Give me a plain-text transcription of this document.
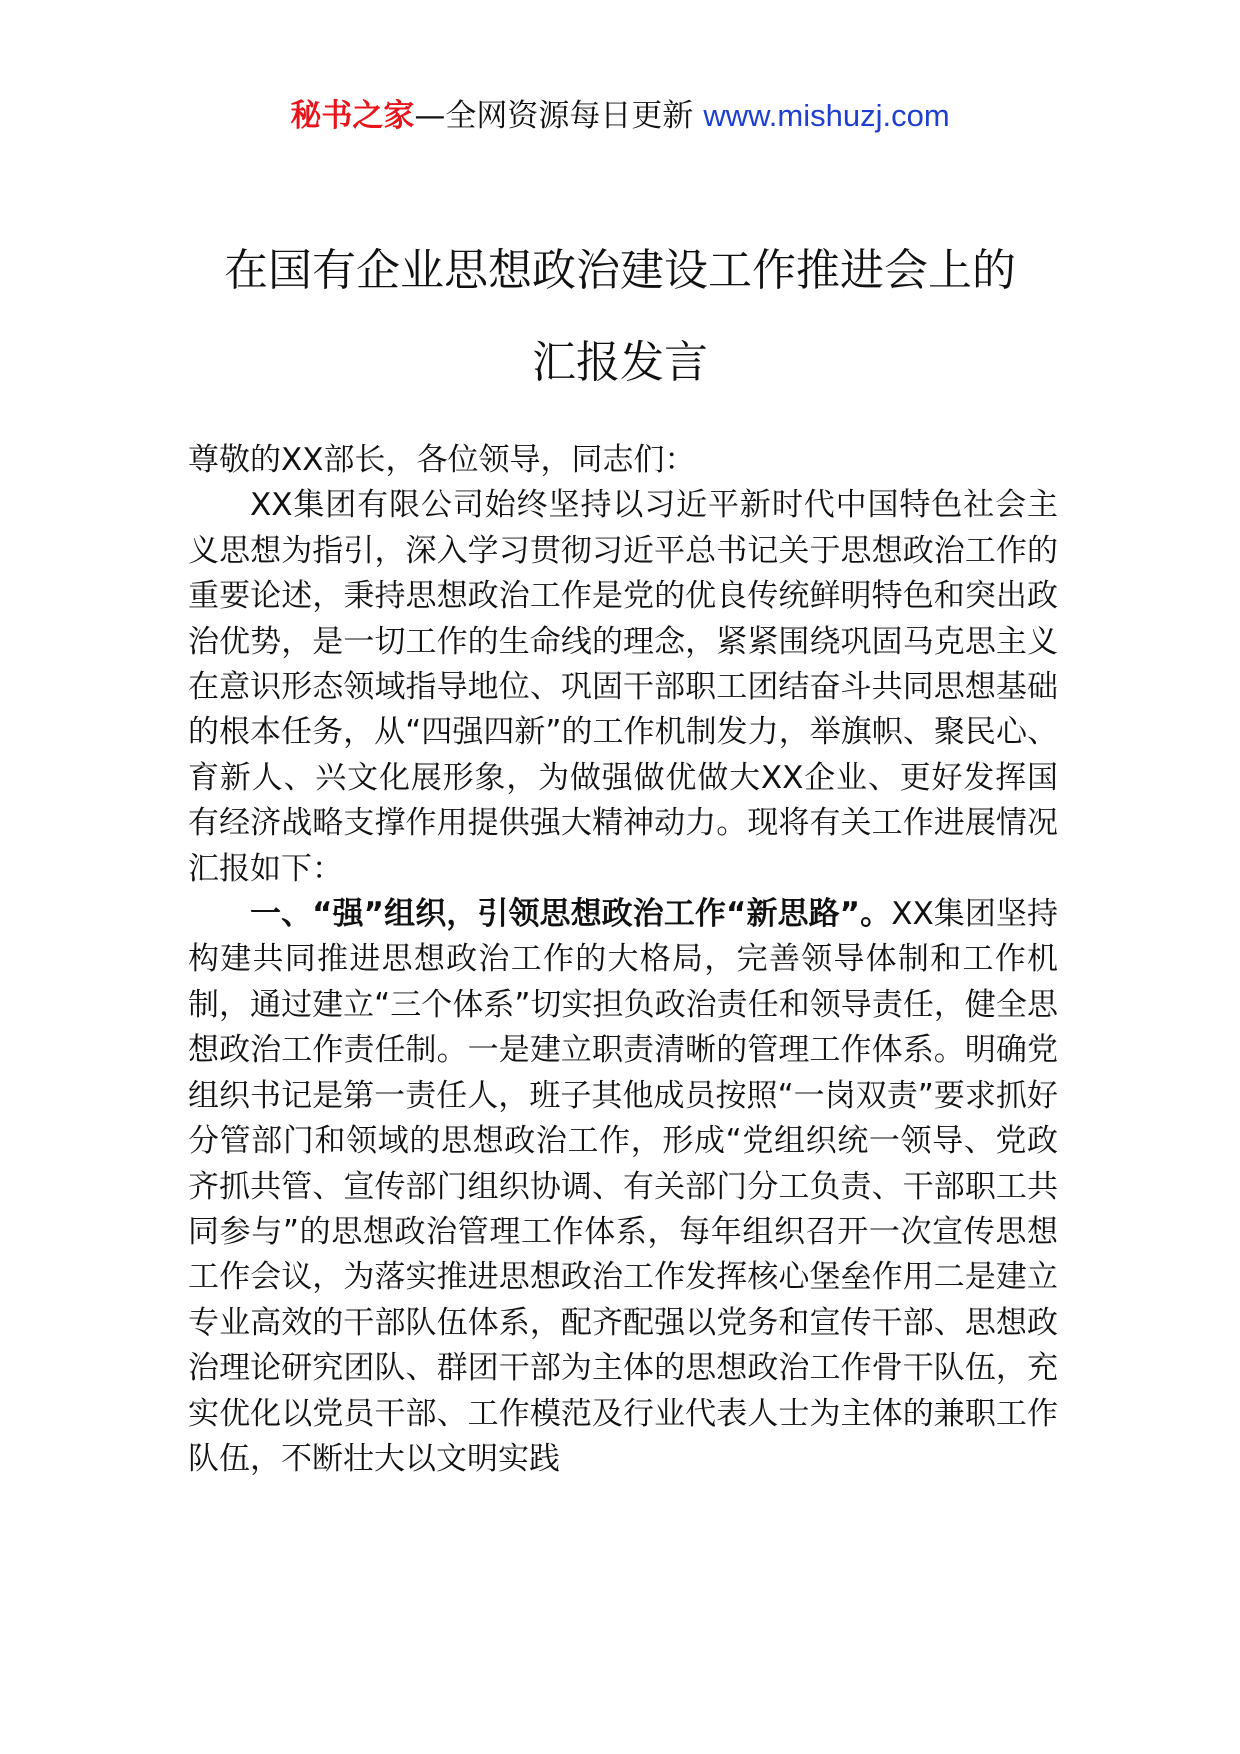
秘书之家—全网资源每日更新 www.mishuzj.com
在国有企业思想政治建设工作推进会上的
汇报发言

尊敬的XX部长，各位领导，同志们：

XX集团有限公司始终坚持以习近平新时代中国特色社会主义思想为指引，深入学习贯彻习近平总书记关于思想政治工作的重要论述，秉持思想政治工作是党的优良传统鲜明特色和突出政治优势，是一切工作的生命线的理念，紧紧围绕巩固马克思主义在意识形态领域指导地位、巩固干部职工团结奋斗共同思想基础的根本任务，从“四强四新”的工作机制发力，举旗帜、聚民心、育新人、兴文化展形象，为做强做优做大XX企业、更好发挥国有经济战略支撑作用提供强大精神动力。现将有关工作进展情况汇报如下：

一、“强”组织，引领思想政治工作“新思路”。XX集团坚持构建共同推进思想政治工作的大格局，完善领导体制和工作机制，通过建立“三个体系”切实担负政治责任和领导责任，健全思想政治工作责任制。一是建立职责清晰的管理工作体系。明确党组织书记是第一责任人，班子其他成员按照“一岗双责”要求抓好分管部门和领域的思想政治工作，形成“党组织统一领导、党政齐抓共管、宣传部门组织协调、有关部门分工负责、干部职工共同参与”的思想政治管理工作体系，每年组织召开一次宣传思想工作会议，为落实推进思想政治工作发挥核心堡垒作用二是建立专业高效的干部队伍体系，配齐配强以党务和宣传干部、思想政治理论研究团队、群团干部为主体的思想政治工作骨干队伍，充实优化以党员干部、工作模范及行业代表人士为主体的兼职工作队伍，不断壮大以文明实践
